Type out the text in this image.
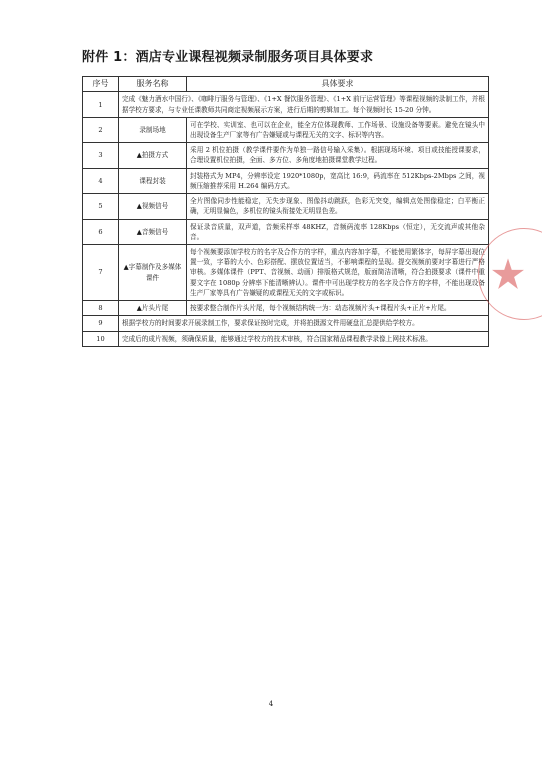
附件 1：酒店专业课程视频录制服务项目具体要求
序号	服务名称	具体要求
1	完成《魅力酒水中国行》、《咖啡厅服务与管理》、《1+X 餐饮服务管理》、《1+X 前厅运营管理》等课程视频的录制工作，并根据学校方要求，与专业任课教师共同商定视频展示方案，进行后期的剪辑加工。每个视频时长 15-20 分钟。	
2	录制场地	可在学校、实训室、也可以在企业，能全方位体现教师、工作场景、设施设备等要素。避免在镜头中出现设备生产厂家等有广告嫌疑或与课程无关的文字、标识等内容。
3	▲拍摄方式	采用 2 机位拍摄（教学课件要作为单独一路信号输入采集）。根据现场环境、项目或技能授课要求，合理设置机位拍摄，全面、多方位、多角度地拍摄课堂教学过程。
4	课程封装	封装格式为 MP4，分辨率设定 1920*1080p，宽高比 16:9，码流率在 512Kbps-2Mbps 之间，视频压缩推荐采用 H.264 编码方式。
5	▲视频信号	全片图像同步性能稳定，无失步现象、图像抖动跳跃，色彩无突变，编辑点处图像稳定；白平衡正确，无明显偏色，多机位的镜头衔接处无明显色差。
6	▲音频信号	保证录音质量，双声道，音频采样率 48KHZ，音频码流率 128Kbps（恒定），无交流声或其他杂音。
7	▲字幕制作及多媒体课件	每个视频要添加学校方的名字及合作方的字样，重点内容加字幕，不能使用繁体字，每屏字幕出现位置一致，字幕的大小、色彩搭配、摆放位置适当，不影响课程的呈现。提交视频前要对字幕进行严格审核。多媒体课件（PPT、音视频、动画）排版格式规范，版面简洁清晰，符合拍摄要求（课件中重要文字在 1080p 分辨率下能清晰辨认）。课件中可出现学校方的名字及合作方的字样，不能出现设备生产厂家等具有广告嫌疑的或课程无关的文字或标识。
8	▲片头片尾	按要求整合制作片头片尾，每个视频结构统一为：动态视频片头+课程片头+正片+片尾。
9	根据学校方的时间要求开展录制工作，要求保证按时完成，并将拍摄源文件用硬盘汇总提供给学校方。	
10	完成后的成片视频，须确保质量，能够通过学校方的技术审核，符合国家精品课程教学录像上网技术标准。	
4
